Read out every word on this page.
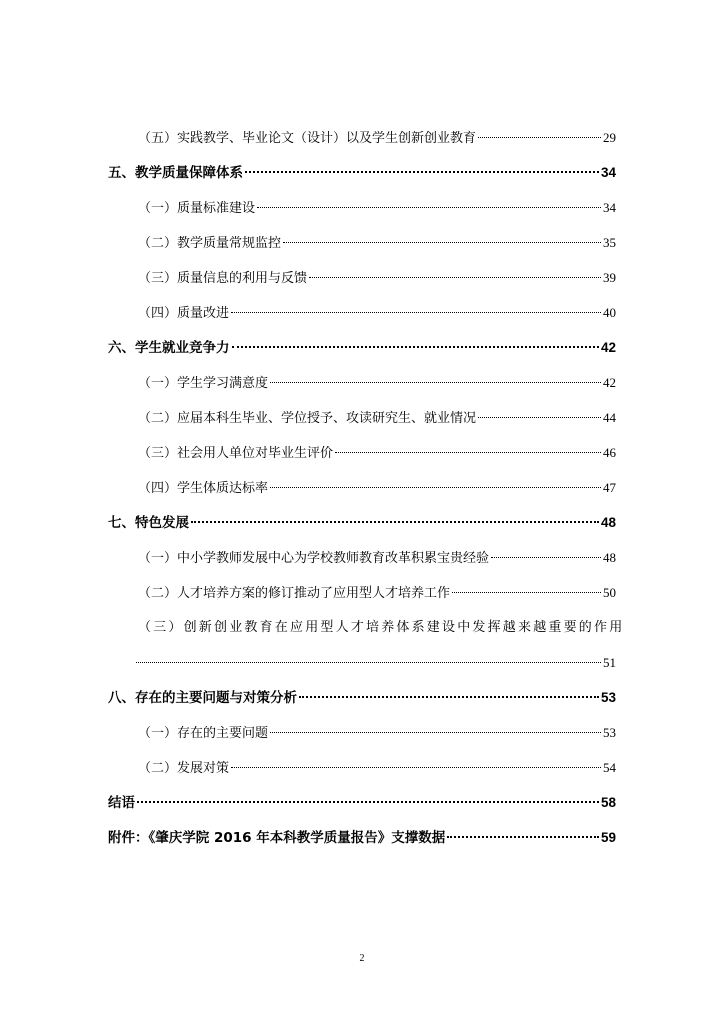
（五）实践教学、毕业论文（设计）以及学生创新创业教育	29
五、教学质量保障体系	34
（一）质量标准建设	34
（二）教学质量常规监控	35
（三）质量信息的利用与反馈	39
（四）质量改进	40
六、学生就业竞争力	42
（一）学生学习满意度	42
（二）应届本科生毕业、学位授予、攻读研究生、就业情况	44
（三）社会用人单位对毕业生评价	46
（四）学生体质达标率	47
七、特色发展	48
（一）中小学教师发展中心为学校教师教育改革积累宝贵经验	48
（二）人才培养方案的修订推动了应用型人才培养工作	50
（三）创新创业教育在应用型人才培养体系建设中发挥越来越重要的作用
51
八、存在的主要问题与对策分析	53
（一）存在的主要问题	53
（二）发展对策	54
结语	58
附件：《肇庆学院 2016 年本科教学质量报告》支撑数据	59
2
